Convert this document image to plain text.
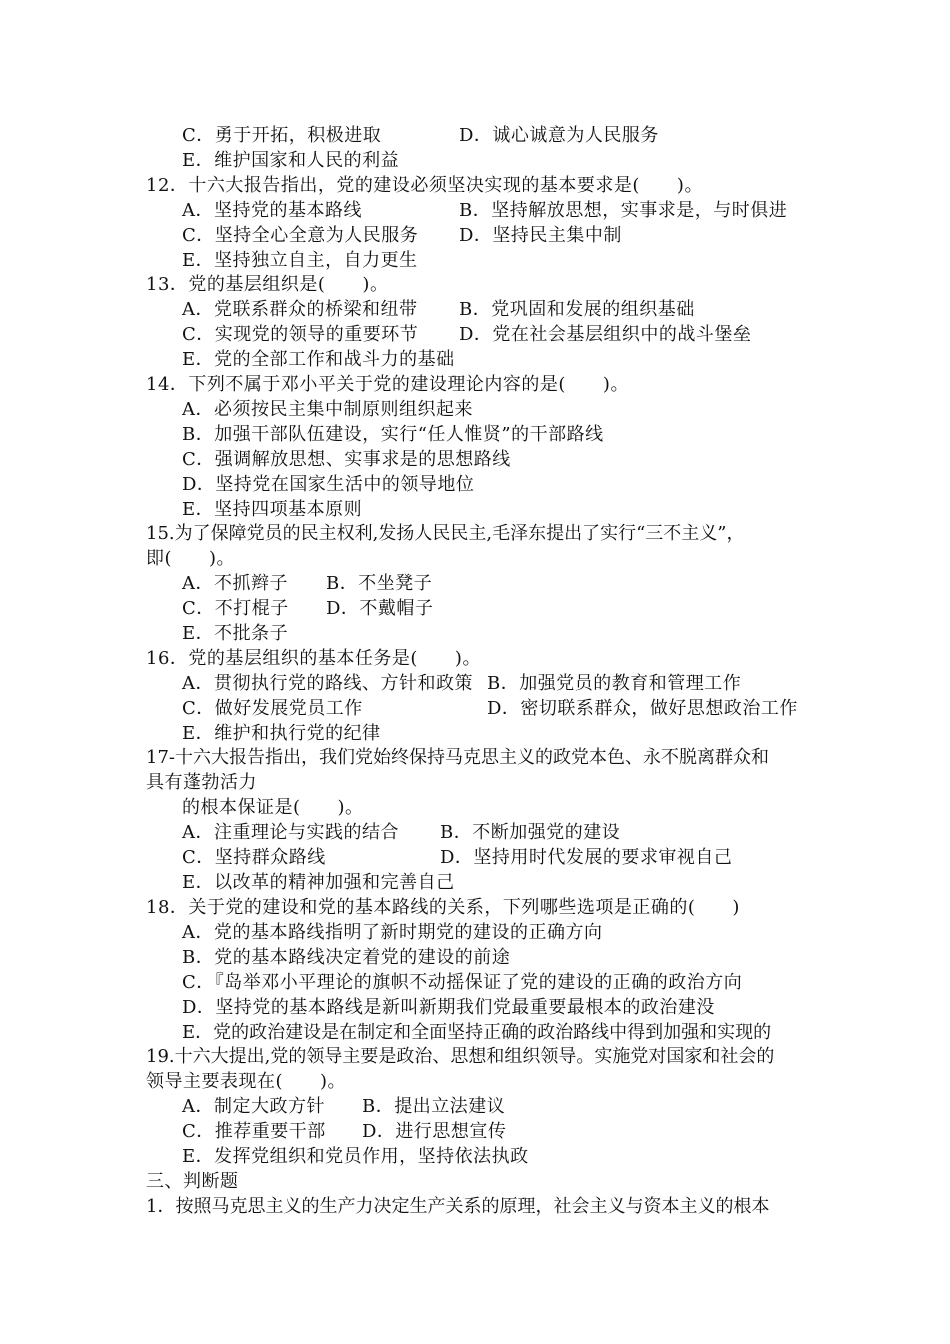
C．勇于开拓，积极进取	D．诚心诚意为人民服务
E．维护国家和人民的利益
12．十六大报告指出，党的建设必须坚决实现的基本要求是(　　)。
A．坚持党的基本路线	B．坚持解放思想，实事求是，与时俱进
C．坚持全心全意为人民服务 D．坚持民主集中制
E．坚持独立自主，自力更生
13．党的基层组织是(　　)。
A．党联系群众的桥梁和纽带 B．党巩固和发展的组织基础
C．实现党的领导的重要环节 D．党在社会基层组织中的战斗堡垒
E．党的全部工作和战斗力的基础
14．下列不属于邓小平关于党的建设理论内容的是(　　)。
A．必须按民主集中制原则组织起来
B．加强干部队伍建设，实行“任人惟贤”的干部路线
C．强调解放思想、实事求是的思想路线
D．坚持党在国家生活中的领导地位
E．坚持四项基本原则
15.为了保障党员的民主权利,发扬人民民主,毛泽东提出了实行“三不主义”，
即(　　)。
A．不抓辫子 B．不坐凳子
C．不打棍子 D．不戴帽子
E．不批条子
16．党的基层组织的基本任务是(　　)。
A．贯彻执行党的路线、方针和政策 B．加强党员的教育和管理工作
C．做好发展党员工作	D．密切联系群众，做好思想政治工作
E．维护和执行党的纪律
17-十六大报告指出，我们党始终保持马克思主义的政党本色、永不脱离群众和
具有蓬勃活力
的根本保证是(　　)。
A．注重理论与实践的结合 B．不断加强党的建设
C．坚持群众路线	D．坚持用时代发展的要求审视自己
E．以改革的精神加强和完善自己
18．关于党的建设和党的基本路线的关系，下列哪些选项是正确的(　　)
A．党的基本路线指明了新时期党的建设的正确方向
B．党的基本路线决定着党的建设的前途
C．『岛举邓小平理论的旗帜不动摇保证了党的建设的正确的政治方向
D．坚持党的基本路线是新叫新期我们党最重要最根本的政治建没
E．党的政治建设是在制定和全面坚持正确的政治路线中得到加强和实现的
19.十六大提出,党的领导主要是政治、思想和组织领导。实施党对国家和社会的
领导主要表现在(　　)。
A．制定大政方针 B．提出立法建议
C．推荐重要干部 D．进行思想宣传
E．发挥党组织和党员作用，坚持依法执政
三、判断题
1．按照马克思主义的生产力决定生产关系的原理，社会主义与资本主义的根本
